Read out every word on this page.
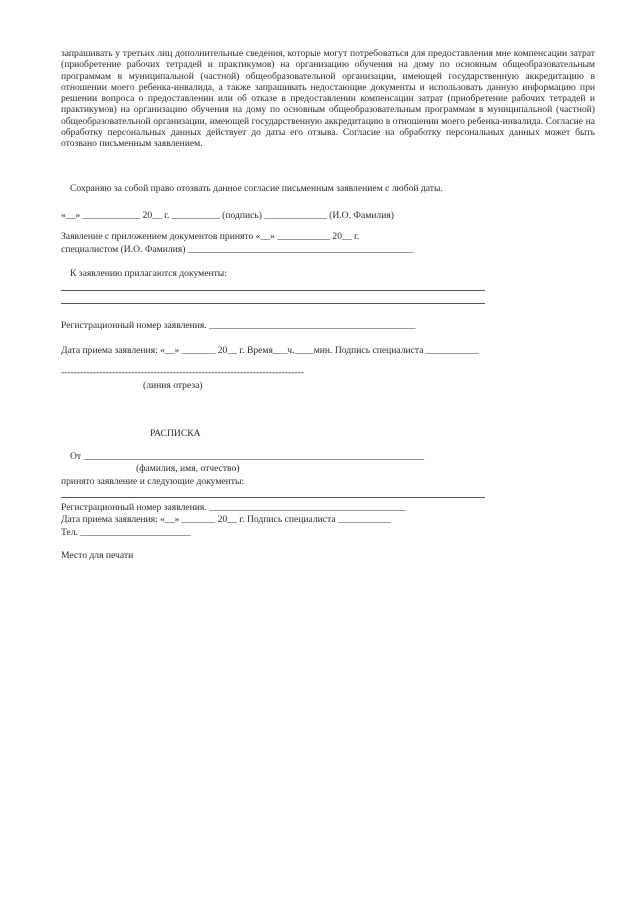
запрашивать у третьих лиц дополнительные сведения, которые могут потребоваться для предоставления мне компенсации затрат (приобретение рабочих тетрадей и практикумов) на организацию обучения на дому по основным общеобразовательным программам в муниципальной (частной) общеобразовательной организации, имеющей государственную аккредитацию в отношении моего ребенка-инвалида, а также запрашивать недостающие документы и использовать данную информацию при решении вопроса о предоставлении или об отказе в предоставлении компенсации затрат (приобретение рабочих тетрадей и практикумов) на организацию обучения на дому по основным общеобразовательным программам в муниципальной (частной) общеобразовательной организации, имеющей государственную аккредитацию в отношении моего ребенка-инвалида. Согласие на обработку персональных данных действует до даты его отзыва. Согласие на обработку персональных данных может быть отозвано письменным заявлением.
Сохраняю за собой право отозвать данное согласие письменным заявлением с любой даты.
«__» ____________ 20__ г. __________ (подпись) _____________ (И.О. Фамилия)
Заявление с приложением документов принято «__» ___________ 20__ г.
специалистом (И.О. Фамилия) _______________________________________________
К заявлению прилагаются документы:
Регистрационный номер заявления. ___________________________________________
Дата приема заявления: «__» _______ 20__ г. Время___ч.____мин. Подпись специалиста ___________
----------------------------------------------------------------------------
(линия отреза)
РАСПИСКА
От _______________________________________________________________________
(фамилия, имя, отчество)
принято заявление и следующие документы:
Регистрационный номер заявления. _________________________________________
Дата приема заявления: «__» _______ 20__ г. Подпись специалиста ___________
Тел. _______________________
Место для печати
